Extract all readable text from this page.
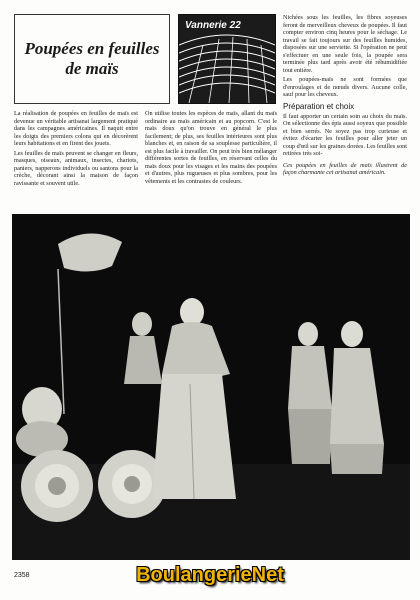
Poupées en feuilles de maïs
Vannerie 22

La réalisation de poupées en feuilles de maïs est devenue un véritable artisanat largement pratiqué dans les campagnes américaines. Il naquit entre les doigts des premiers colons qui en décorèrent leurs habitations et en firent des jouets.

Les feuilles de maïs peuvent se changer en fleurs, masques, oiseaux, animaux, insectes, chariots, paniers, napperons individuels ou santons pour la crèche, décorant ainsi la maison de façon ravissante et souvent utile.

On utilise toutes les espèces de maïs, allant du maïs ordinaire au maïs américain et au popcorn. C'est le maïs doux qu'on trouve en général le plus facilement; de plus, ses feuilles intérieures sont plus blanches et, en raison de sa souplesse particulière, il est plus facile à travailler. On peut très bien mélanger différentes sortes de feuilles, en réservant celles du maïs doux pour les visages et les mains des poupées et d'autres, plus rugueuses et plus sombres, pour les vêtements et les contrastes de couleurs.

Nichées sous les feuilles, les fibres soyeuses feront de merveilleux cheveux de poupées. Il faut compter environ cinq heures pour le séchage. Le travail se fait toujours sur des feuilles humides, disposées sur une serviette. Si l'opération ne peut s'effectuer en une seule fois, la poupée sera terminée plus tard après avoir été réhumidifiée tout entière.

Les poupées-maïs ne sont formées que d'enroulages et de nœuds divers. Aucune colle, sauf pour les cheveux.

Préparation et choix

Il faut apporter un certain soin au choix du maïs. On sélectionne des épis aussi soyeux que possible et bien serrés. Ne soyez pas trop curieuse et évitez d'écarter les feuilles pour aller jeter un coup d'œil sur les graines dorées. Les feuilles sont retirées très soi-

Ces poupées en feuilles de maïs illustrent de façon charmante cet artisanat américain.

2358	BoulangerieNet
